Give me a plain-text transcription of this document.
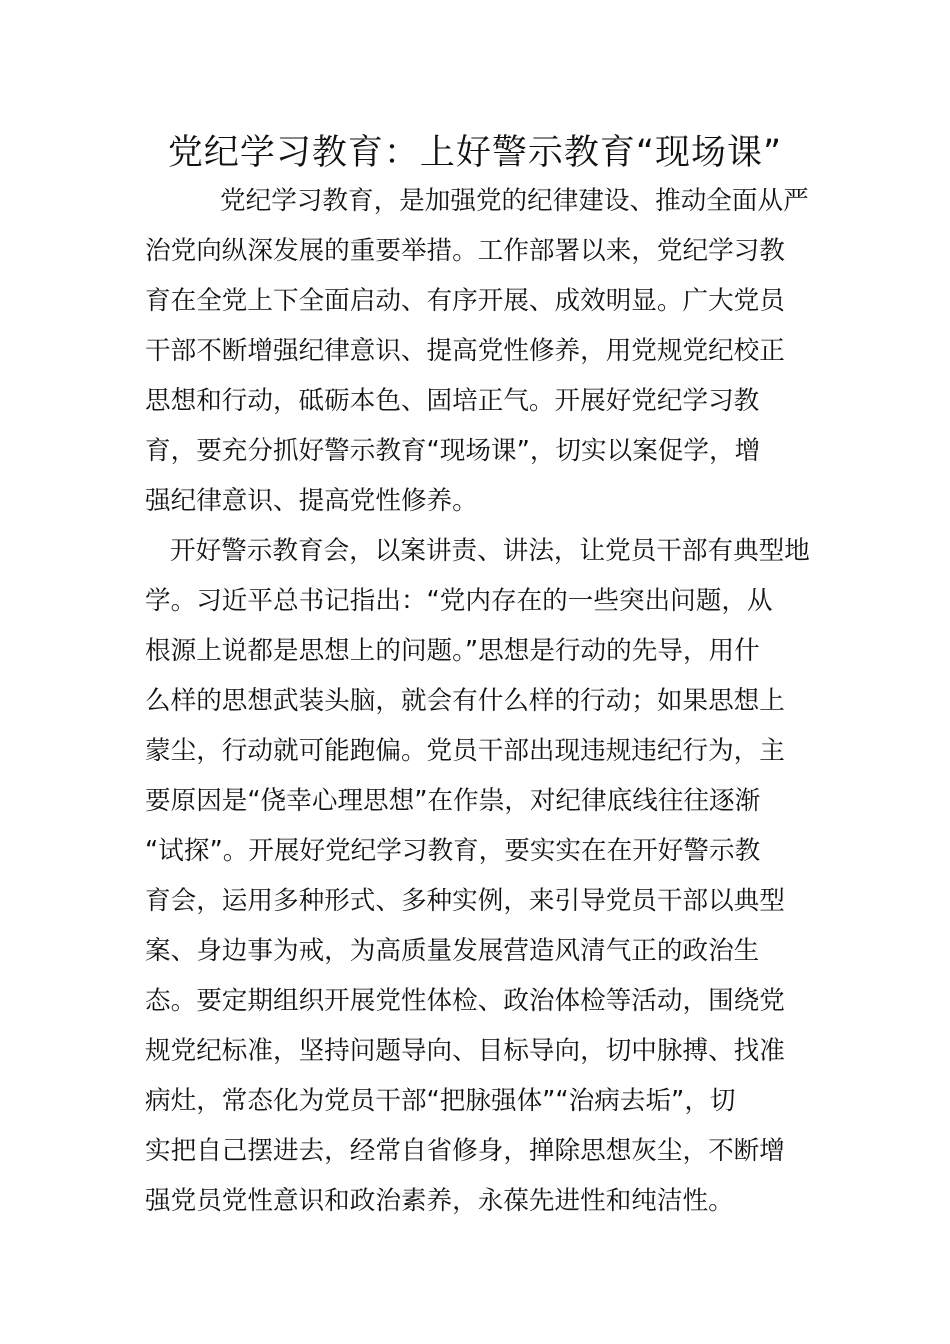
党纪学习教育：上好警示教育“现场课”

党纪学习教育，是加强党的纪律建设、推动全面从严
治党向纵深发展的重要举措。工作部署以来，党纪学习教
育在全党上下全面启动、有序开展、成效明显。广大党员
干部不断增强纪律意识、提高党性修养，用党规党纪校正
思想和行动，砥砺本色、固培正气。开展好党纪学习教
育，要充分抓好警示教育“现场课”，切实以案促学，增
强纪律意识、提高党性修养。

开好警示教育会，以案讲责、讲法，让党员干部有典型地
学。习近平总书记指出：“党内存在的一些突出问题，从
根源上说都是思想上的问题。”思想是行动的先导，用什
么样的思想武装头脑，就会有什么样的行动；如果思想上
蒙尘，行动就可能跑偏。党员干部出现违规违纪行为，主
要原因是“侥幸心理思想”在作祟，对纪律底线往往逐渐
“试探”。开展好党纪学习教育，要实实在在开好警示教
育会，运用多种形式、多种实例，来引导党员干部以典型
案、身边事为戒，为高质量发展营造风清气正的政治生
态。要定期组织开展党性体检、政治体检等活动，围绕党
规党纪标准，坚持问题导向、目标导向，切中脉搏、找准
病灶，常态化为党员干部“把脉强体”“治病去垢”，切
实把自己摆进去，经常自省修身，掸除思想灰尘，不断增
强党员党性意识和政治素养，永葆先进性和纯洁性。
